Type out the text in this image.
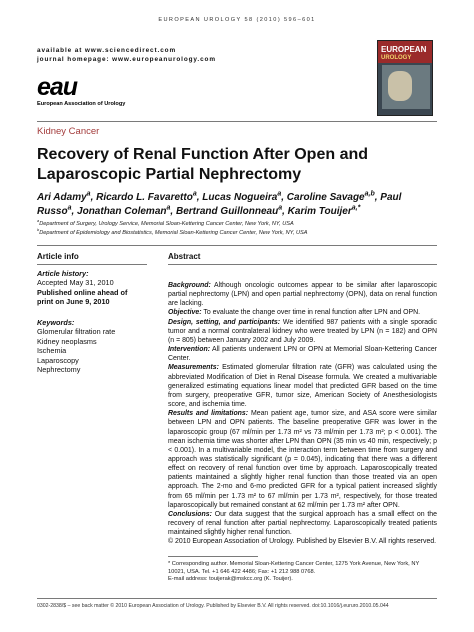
EUROPEAN UROLOGY 58 (2010) 596–601
available at www.sciencedirect.com
journal homepage: www.europeanurology.com
eau
European Association of Urology
EUROPEAN
UROLOGY
Kidney Cancer
Recovery of Renal Function After Open and Laparoscopic Partial Nephrectomy
Ari Adamy$^a$, Ricardo L. Favaretto$^a$, Lucas Nogueira$^a$, Caroline Savage$^{a,b}$, Paul Russo$^a$, Jonathan Coleman$^a$, Bertrand Guillonneau$^a$, Karim Touijer$^{a,*}$
$^a$Department of Surgery, Urology Service, Memorial Sloan-Kettering Cancer Center, New York, NY, USA
$^b$Department of Epidemiology and Biostatistics, Memorial Sloan-Kettering Cancer Center, New York, NY, USA
Article info
Article history:
Accepted May 31, 2010
Published online ahead of
print on June 9, 2010
Keywords:
Glomerular filtration rate
Kidney neoplasms
Ischemia
Laparoscopy
Nephrectomy
Abstract

Background: Although oncologic outcomes appear to be similar after laparoscopic partial nephrectomy (LPN) and open partial nephrectomy (OPN), data on renal function are lacking.

Objective: To evaluate the change over time in renal function after LPN and OPN.

Design, setting, and participants: We identified 987 patients with a single sporadic tumor and a normal contralateral kidney who were treated by LPN (n = 182) and OPN (n = 805) between January 2002 and July 2009.

Intervention: All patients underwent LPN or OPN at Memorial Sloan-Kettering Cancer Center.

Measurements: Estimated glomerular filtration rate (GFR) was calculated using the abbreviated Modification of Diet in Renal Disease formula. We created a multivariable generalized estimating equations linear model that predicted GFR based on the time from surgery, preoperative GFR, tumor size, American Society of Anesthesiologists score, and ischemia time.

Results and limitations: Mean patient age, tumor size, and ASA score were similar between LPN and OPN patients. The baseline preoperative GFR was lower in the laparoscopic group (67 ml/min per 1.73 m² vs 73 ml/min per 1.73 m²; p < 0.001). The mean ischemia time was shorter after LPN than OPN (35 min vs 40 min, respectively; p < 0.001). In a multivariable model, the interaction term between time from surgery and approach was statistically significant (p = 0.045), indicating that there was a different effect on recovery of renal function over time by approach. Laparoscopically treated patients maintained a slightly higher renal function than those treated via an open approach. The 2-mo and 6-mo predicted GFR for a typical patient increased slightly from 65 ml/min per 1.73 m² to 67 ml/min per 1.73 m², respectively, for those treated laparoscopically but remained constant at 62 ml/min per 1.73 m² after OPN.

Conclusions: Our data suggest that the surgical approach has a small effect on the recovery of renal function after partial nephrectomy. Laparoscopically treated patients maintained slightly higher renal function.

© 2010 European Association of Urology. Published by Elsevier B.V. All rights reserved.

* Corresponding author. Memorial Sloan-Kettering Cancer Center, 1275 York Avenue, New York, NY
10021, USA. Tel. +1 646 422 4486; Fax: +1 212 988 0768.
E-mail address: touijerak@mskcc.org (K. Touijer).
0302-2838/$ – see back matter © 2010 European Association of Urology. Published by Elsevier B.V. All rights reserved. doi:10.1016/j.eururo.2010.05.044
